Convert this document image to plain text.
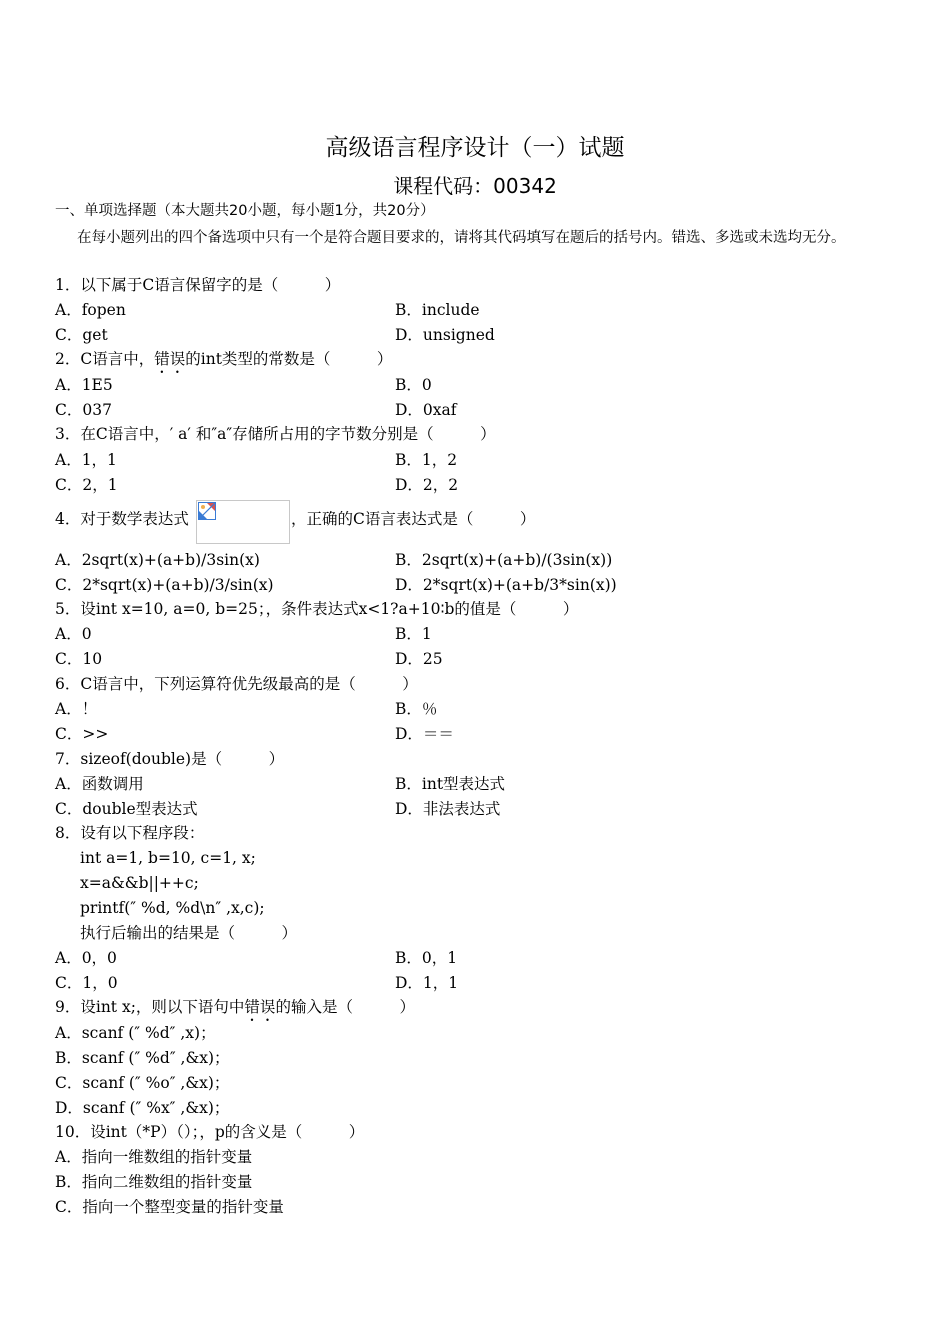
高级语言程序设计（一）试题
课程代码：00342
一、单项选择题（本大题共20小题，每小题1分，共20分）
在每小题列出的四个备选项中只有一个是符合题目要求的，请将其代码填写在题后的括号内。错选、多选或未选均无分。
1．以下属于C语言保留字的是（　　　）
A．fopen	B．include
C．get	D．unsigned
2．C语言中，错误的int类型的常数是（　　　）
A．1E5	B．0
C．037	D．0xaf
3．在C语言中，′ a′ 和″a″存储所占用的字节数分别是（　　　）
A．1，1	B．1，2
C．2，1	D．2，2
4．对于数学表达式	，正确的C语言表达式是（　　　）
A．2sqrt(x)+(a+b)/3sin(x)	B．2sqrt(x)+(a+b)/(3sin(x))
C．2*sqrt(x)+(a+b)/3/sin(x)	D．2*sqrt(x)+(a+b/3*sin(x))
5．设int x=10, a=0, b=25；，条件表达式x<1?a+10∶b的值是（　　　）
A．0	B．1
C．10	D．25
6．C语言中，下列运算符优先级最高的是（　　　）
A．！	B．％
C．>>	D．＝＝
7．sizeof(double)是（　　　）
A．函数调用	B．int型表达式
C．double型表达式	D．非法表达式
8．设有以下程序段：
int a=1, b=10, c=1, x;
x=a&&b||++c;
printf(″ %d, %d\n″ ,x,c);
执行后输出的结果是（　　　）
A．0，0	B．0，1
C．1，0	D．1，1
9．设int x;，则以下语句中错误的输入是（　　　）
A．scanf (″ %d″ ,x)；
B．scanf (″ %d″ ,&x)；
C．scanf (″ %o″ ,&x)；
D．scanf (″ %x″ ,&x)；
10．设int（*P）（）；，p的含义是（　　　）
A．指向一维数组的指针变量
B．指向二维数组的指针变量
C．指向一个整型变量的指针变量
